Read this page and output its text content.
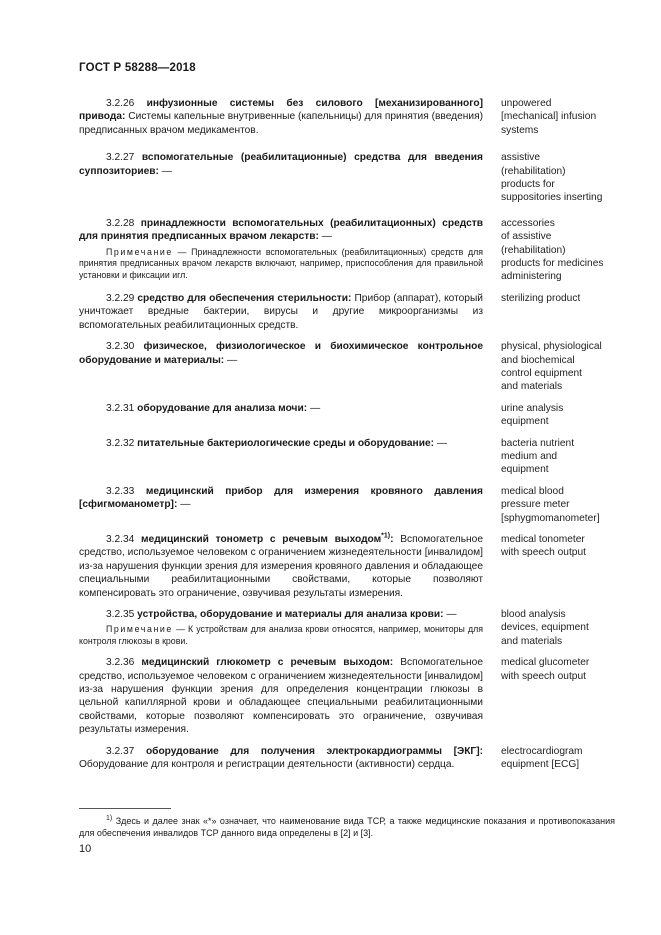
ГОСТ Р 58288—2018

3.2.26 инфузионные системы без силового [механизированного] привода: Системы капельные внутривенные (капельницы) для принятия (введения) предписанных врачом медикаментов.

unpowered
[mechanical] infusion
systems

3.2.27 вспомогательные (реабилитационные) средства для введения суппозиториев: —

assistive
(rehabilitation)
products for
suppositories inserting

3.2.28 принадлежности вспомогательных (реабилитационных) средств для принятия предписанных врачом лекарств: —

Примечание — Принадлежности вспомогательных (реабилитационных) средств для принятия предписанных врачом лекарств включают, например, приспособления для правильной установки и фиксации игл.

accessories
of assistive
(rehabilitation)
products for medicines
administering

3.2.29 средство для обеспечения стерильности: Прибор (аппарат), который уничтожает вредные бактерии, вирусы и другие микроорганизмы из вспомогательных реабилитационных средств.

sterilizing product

3.2.30 физическое, физиологическое и биохимическое контрольное оборудование и материалы: —

physical, physiological
and biochemical
control equipment
and materials

3.2.31 оборудование для анализа мочи: —	urine analysis
equipment

3.2.32 питательные бактериологические среды и оборудование: —	bacteria nutrient
medium and
equipment

3.2.33 медицинский прибор для измерения кровяного давления [сфигмоманометр]: —

medical blood
pressure meter
[sphygmomanometer]

3.2.34 медицинский тонометр с речевым выходом$^{*1)}$: Вспомогательное средство, используемое человеком с ограничением жизнедеятельности [инвалидом] из-за нарушения функции зрения для измерения кровяного давления и обладающее специальными реабилитационными свойствами, которые позволяют компенсировать это ограничение, озвучивая результаты измерения.

medical tonometer
with speech output

3.2.35 устройства, оборудование и материалы для анализа крови: —

Примечание — К устройствам для анализа крови относятся, например, мониторы для контроля глюкозы в крови.

blood analysis
devices, equipment
and materials

3.2.36 медицинский глюкометр с речевым выходом: Вспомогательное средство, используемое человеком с ограничением жизнедеятельности [инвалидом] из-за нарушения функции зрения для определения концентрации глюкозы в цельной капиллярной крови и обладающее специальными реабилитационными свойствами, которые позволяют компенсировать это ограничение, озвучивая результаты измерения.

medical glucometer
with speech output

3.2.37 оборудование для получения электрокардиограммы [ЭКГ]: Оборудование для контроля и регистрации деятельности (активности) сердца.

electrocardiogram
equipment [ECG]
$^{1)}$ Здесь и далее знак «*» означает, что наименование вида ТСР, а также медицинские показания и противопоказания для обеспечения инвалидов ТСР данного вида определены в [2] и [3].
10
